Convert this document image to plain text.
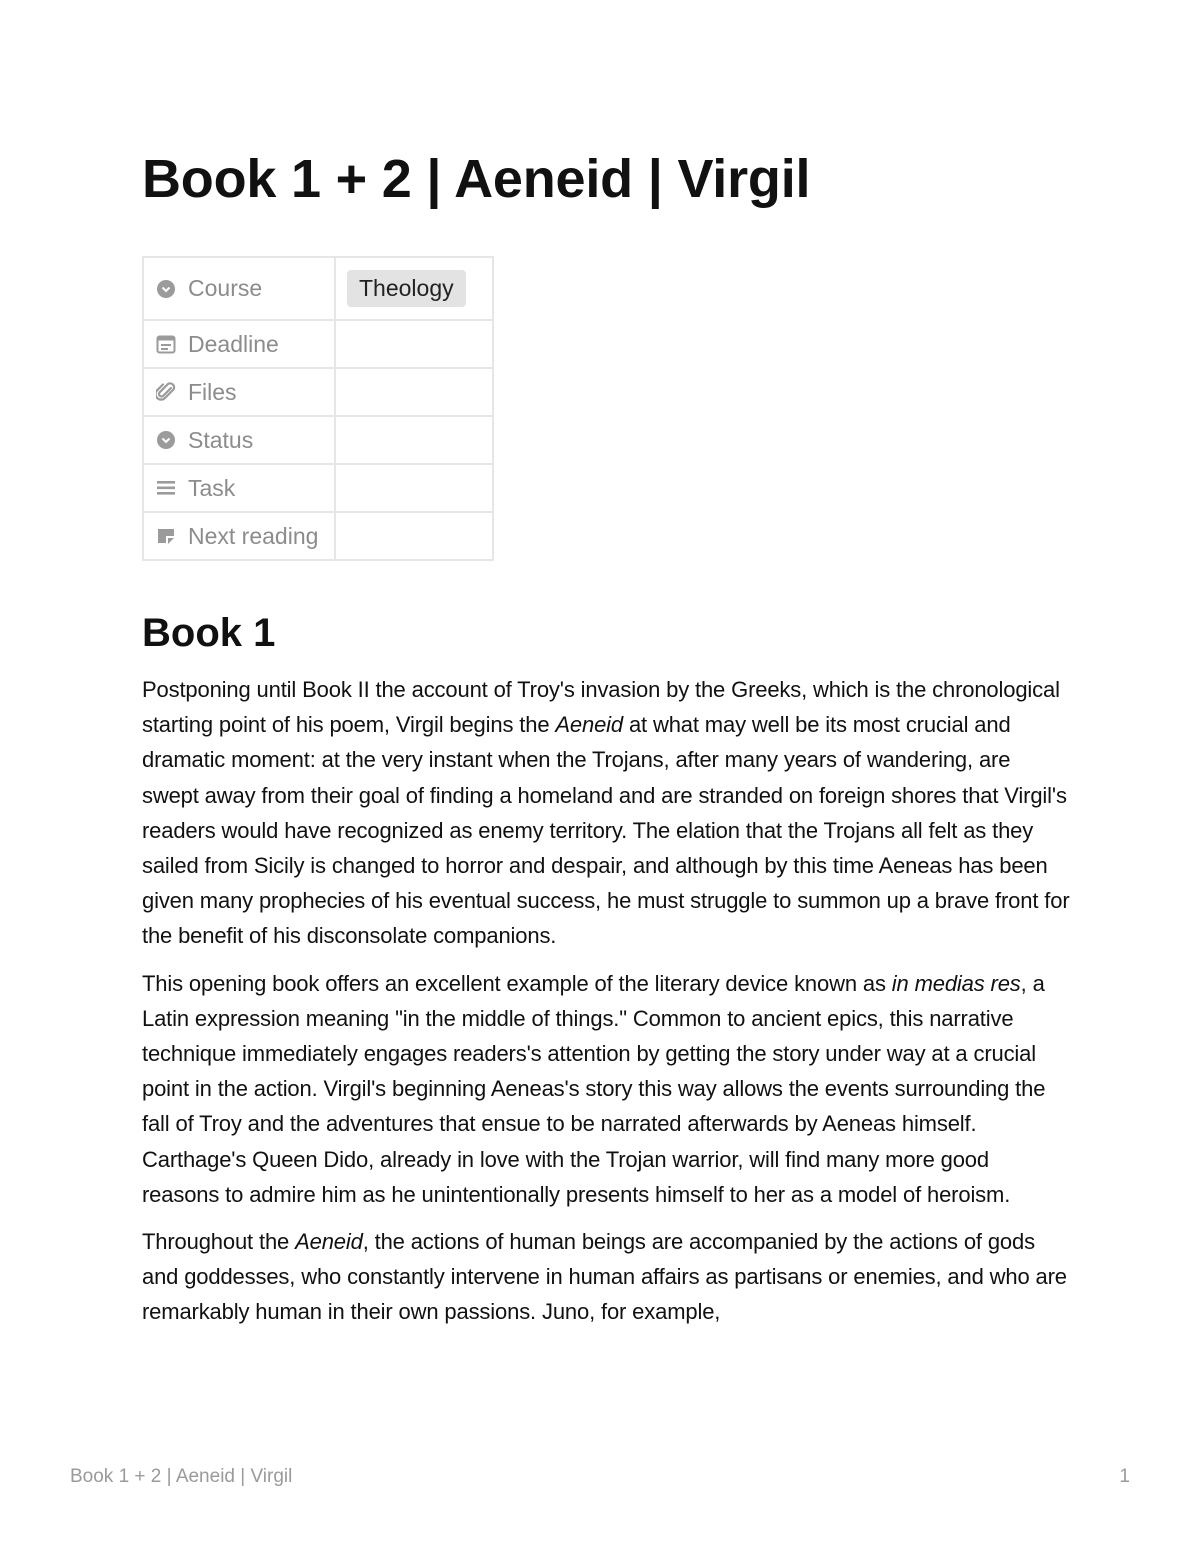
Book 1 + 2 | Aeneid | Virgil
Course	Theology

Deadline	

Files	

Status	

Task	

Next reading	

Book 1

Postponing until Book II the account of Troy's invasion by the Greeks, which is the chronological starting point of his poem, Virgil begins the Aeneid at what may well be its most crucial and dramatic moment: at the very instant when the Trojans, after many years of wandering, are swept away from their goal of finding a homeland and are stranded on foreign shores that Virgil's readers would have recognized as enemy territory. The elation that the Trojans all felt as they sailed from Sicily is changed to horror and despair, and although by this time Aeneas has been given many prophecies of his eventual success, he must struggle to summon up a brave front for the benefit of his disconsolate companions.

This opening book offers an excellent example of the literary device known as in medias res, a Latin expression meaning "in the middle of things." Common to ancient epics, this narrative technique immediately engages readers's attention by getting the story under way at a crucial point in the action. Virgil's beginning Aeneas's story this way allows the events surrounding the fall of Troy and the adventures that ensue to be narrated afterwards by Aeneas himself. Carthage's Queen Dido, already in love with the Trojan warrior, will find many more good reasons to admire him as he unintentionally presents himself to her as a model of heroism.

Throughout the Aeneid, the actions of human beings are accompanied by the actions of gods and goddesses, who constantly intervene in human affairs as partisans or enemies, and who are remarkably human in their own passions. Juno, for example,

Book 1 + 2 | Aeneid | Virgil	1
